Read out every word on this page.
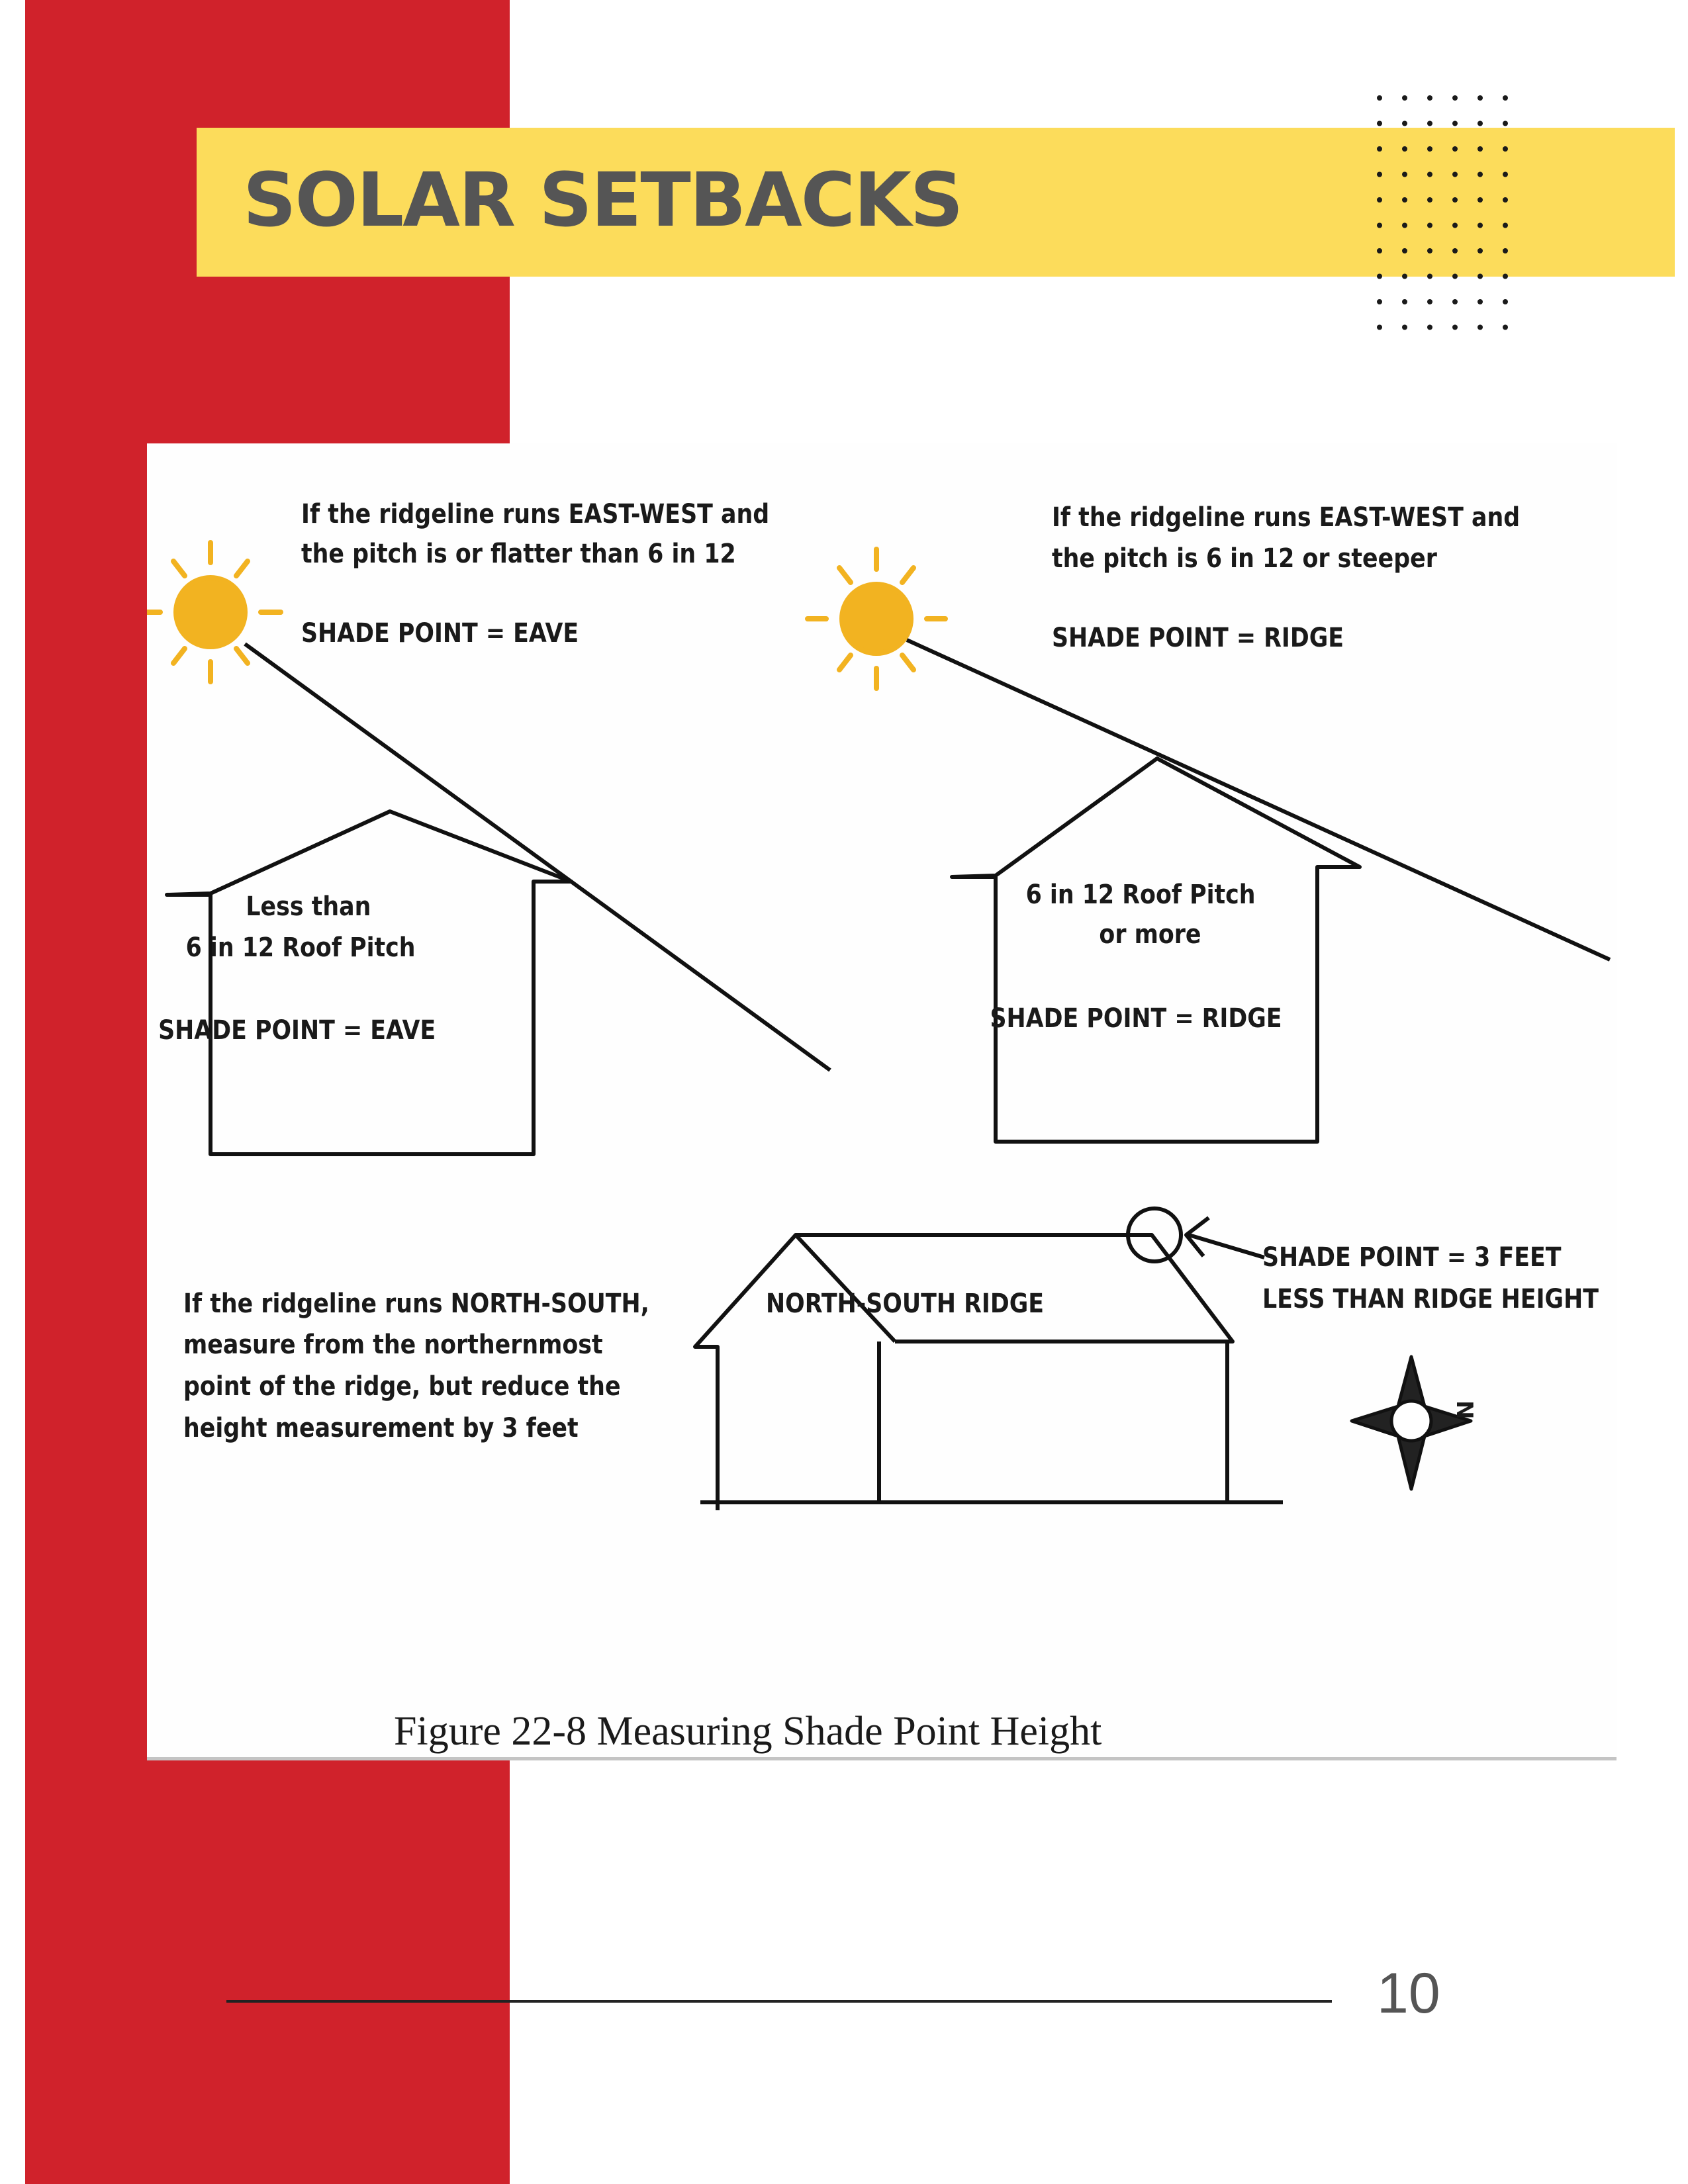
SOLAR SETBACKS
If the ridgeline runs EAST-WEST and
the pitch is or flatter than 6 in 12
SHADE POINT = EAVE
If the ridgeline runs EAST-WEST and
the pitch is 6 in 12 or steeper
SHADE POINT = RIDGE
Less than
6 in 12 Roof Pitch
SHADE POINT = EAVE
6 in 12 Roof Pitch
or more
SHADE POINT = RIDGE
If the ridgeline runs NORTH-SOUTH,
measure from the northernmost
point of the ridge, but reduce the
height measurement by 3 feet
NORTH-SOUTH RIDGE
SHADE POINT = 3 FEET
LESS THAN RIDGE HEIGHT
N
Figure 22-8 Measuring Shade Point Height
10
